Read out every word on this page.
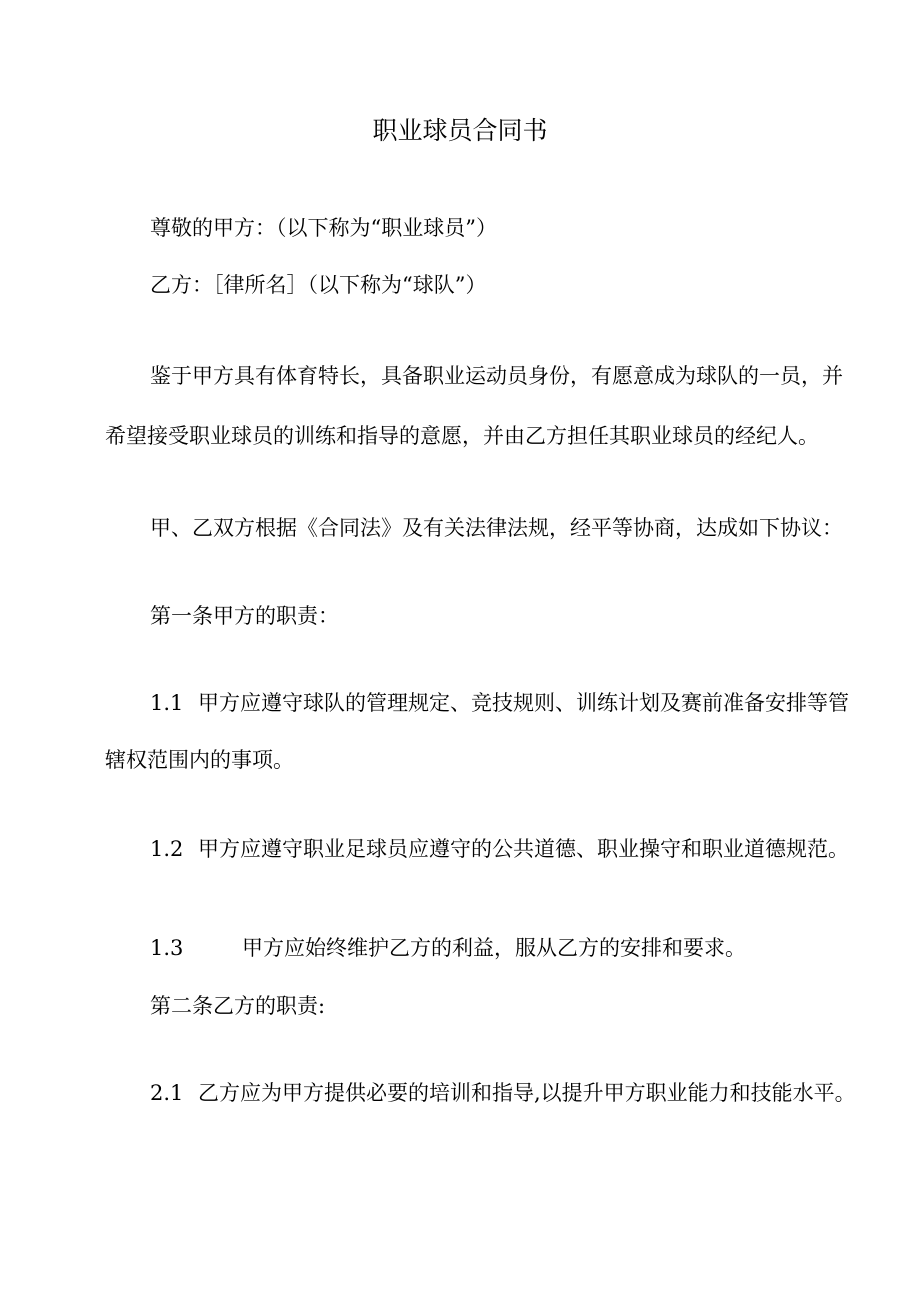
职业球员合同书

尊敬的甲方：（以下称为“职业球员”）

乙方：［律所名］（以下称为“球队”）

鉴于甲方具有体育特长，具备职业运动员身份，有愿意成为球队的一员，并

希望接受职业球员的训练和指导的意愿，并由乙方担任其职业球员的经纪人。

甲、乙双方根据《合同法》及有关法律法规，经平等协商，达成如下协议：

第一条甲方的职责：

1.1 甲方应遵守球队的管理规定、竞技规则、训练计划及赛前准备安排等管

辖权范围内的事项。

1.2 甲方应遵守职业足球员应遵守的公共道德、职业操守和职业道德规范。

1.3	甲方应始终维护乙方的利益，服从乙方的安排和要求。

第二条乙方的职责:

2.1 乙方应为甲方提供必要的培训和指导,以提升甲方职业能力和技能水平。
